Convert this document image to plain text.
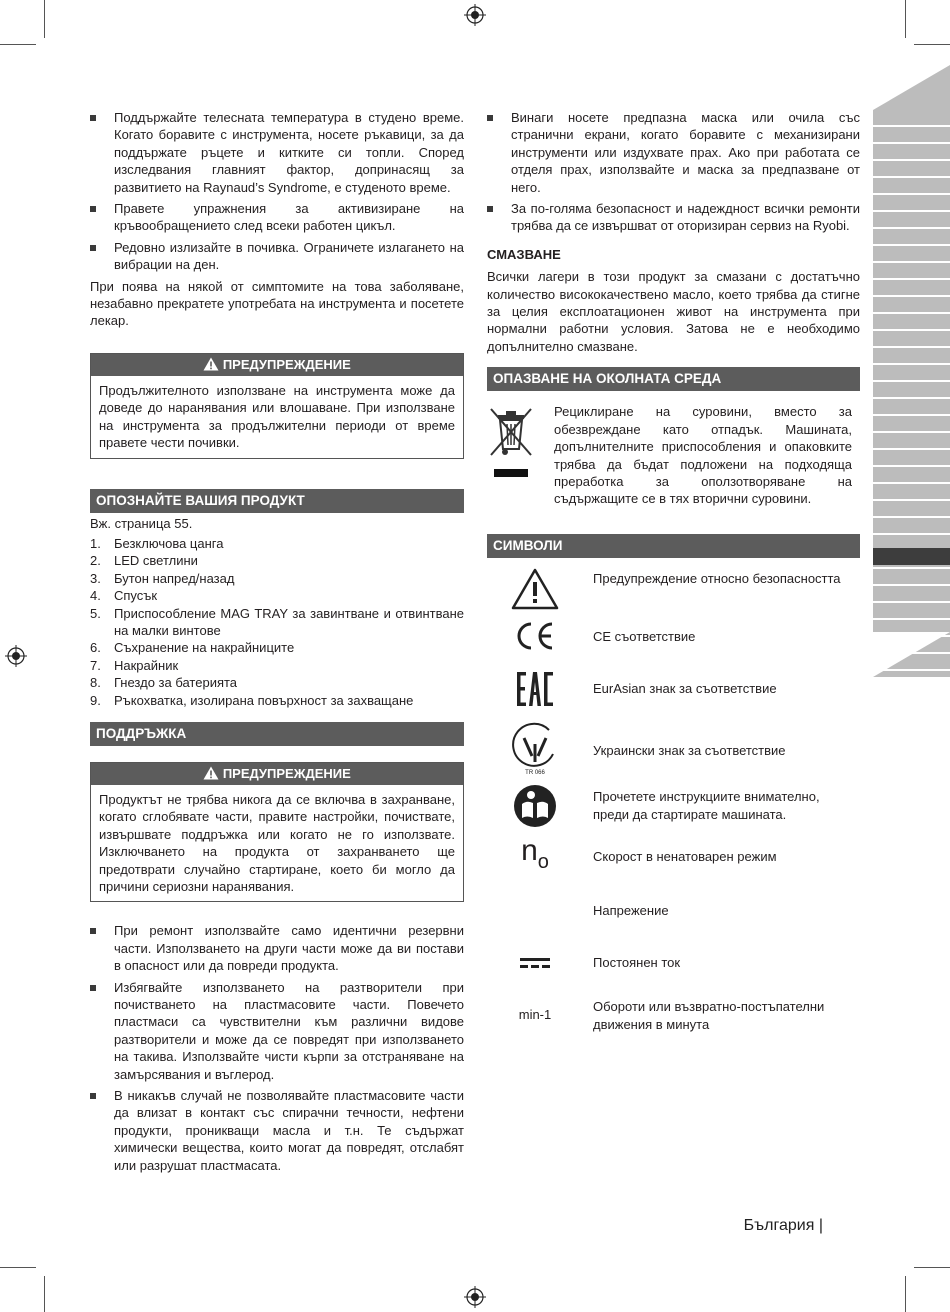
Поддържайте телесната температура в студено време. Когато боравите с инструмента, носете ръкавици, за да поддържате ръцете и китките си топли. Според изследвания главният фактор, допринасящ за развитието на Raynaud’s Syndrome, е студеното време.
Правете упражнения за активизиране на кръвообращението след всеки работен цикъл.
Редовно излизайте в почивка. Ограничете излагането на вибрации на ден.
При поява на някой от симптомите на това заболяване, незабавно прекратете употребата на инструмента и посетете лекар.
ПРЕДУПРЕЖДЕНИЕ
Продължителното използване на инструмента може да доведе до наранявания или влошаване. При използване на инструмента за продължителни периоди от време правете чести почивки.
ОПОЗНАЙТЕ ВАШИЯ ПРОДУКТ
Вж. страница 55.
1. Безключова цанга
2. LED светлини
3. Бутон напред/назад
4. Спусък
5. Приспособление MAG TRAY за завинтване и отвинтване на малки винтове
6. Съхранение на накрайниците
7. Накрайник
8. Гнездо за батерията
9. Ръкохватка, изолирана повърхност за захващане
ПОДДРЪЖКА
ПРЕДУПРЕЖДЕНИЕ
Продуктът не трябва никога да се включва в захранване, когато сглобявате части, правите настройки, почиствате, извършвате поддръжка или когато не го използвате. Изключването на продукта от захранването ще предотврати случайно стартиране, което би могло да причини сериозни наранявания.
При ремонт използвайте само идентични резервни части. Използването на други части може да ви постави в опасност или да повреди продукта.
Избягвайте използването на разтворители при почистването на пластмасовите части. Повечето пластмаси са чувствителни към различни видове разтворители и може да се повредят при използването на такива. Използвайте чисти кърпи за отстраняване на замърсявания и въглерод.
В никакъв случай не позволявайте пластмасовите части да влизат в контакт със спирачни течности, нефтени продукти, проникващи масла и т.н. Те съдържат химически вещества, които могат да повредят, отслабят или разрушат пластмасата.
Винаги носете предпазна маска или очила със странични екрани, когато боравите с механизирани инструменти или издухвате прах. Ако при работата се отделя прах, използвайте и маска за предпазване от него.
За по-голяма безопасност и надеждност всички ремонти трябва да се извършват от оторизиран сервиз на Ryobi.
СМАЗВАНЕ
Всички лагери в този продукт за смазани с достатъчно количество висококачествено масло, което трябва да стигне за целия експлоатационен живот на инструмента при нормални работни условия. Затова не е необходимо допълнително смазване.
ОПАЗВАНЕ НА ОКОЛНАТА СРЕДА
Рециклиране на суровини, вместо за обезвреждане като отпадък. Машината, допълнителните приспособления и опаковките трябва да бъдат подложени на подходяща преработка за оползотворяване на съдържащите се в тях вторични суровини.
СИМВОЛИ
Предупреждение относно безопасността
CE съответствие
EurAsian знак за съответствие
TR 066
Украински знак за съответствие
Прочетете инструкциите внимателно, преди да стартирате машината.
$n_o$	Скорост в ненатоварен режим
Напрежение
Постоянен ток
min-1
Обороти или възвратно-постъпателни движения в минута
България |
